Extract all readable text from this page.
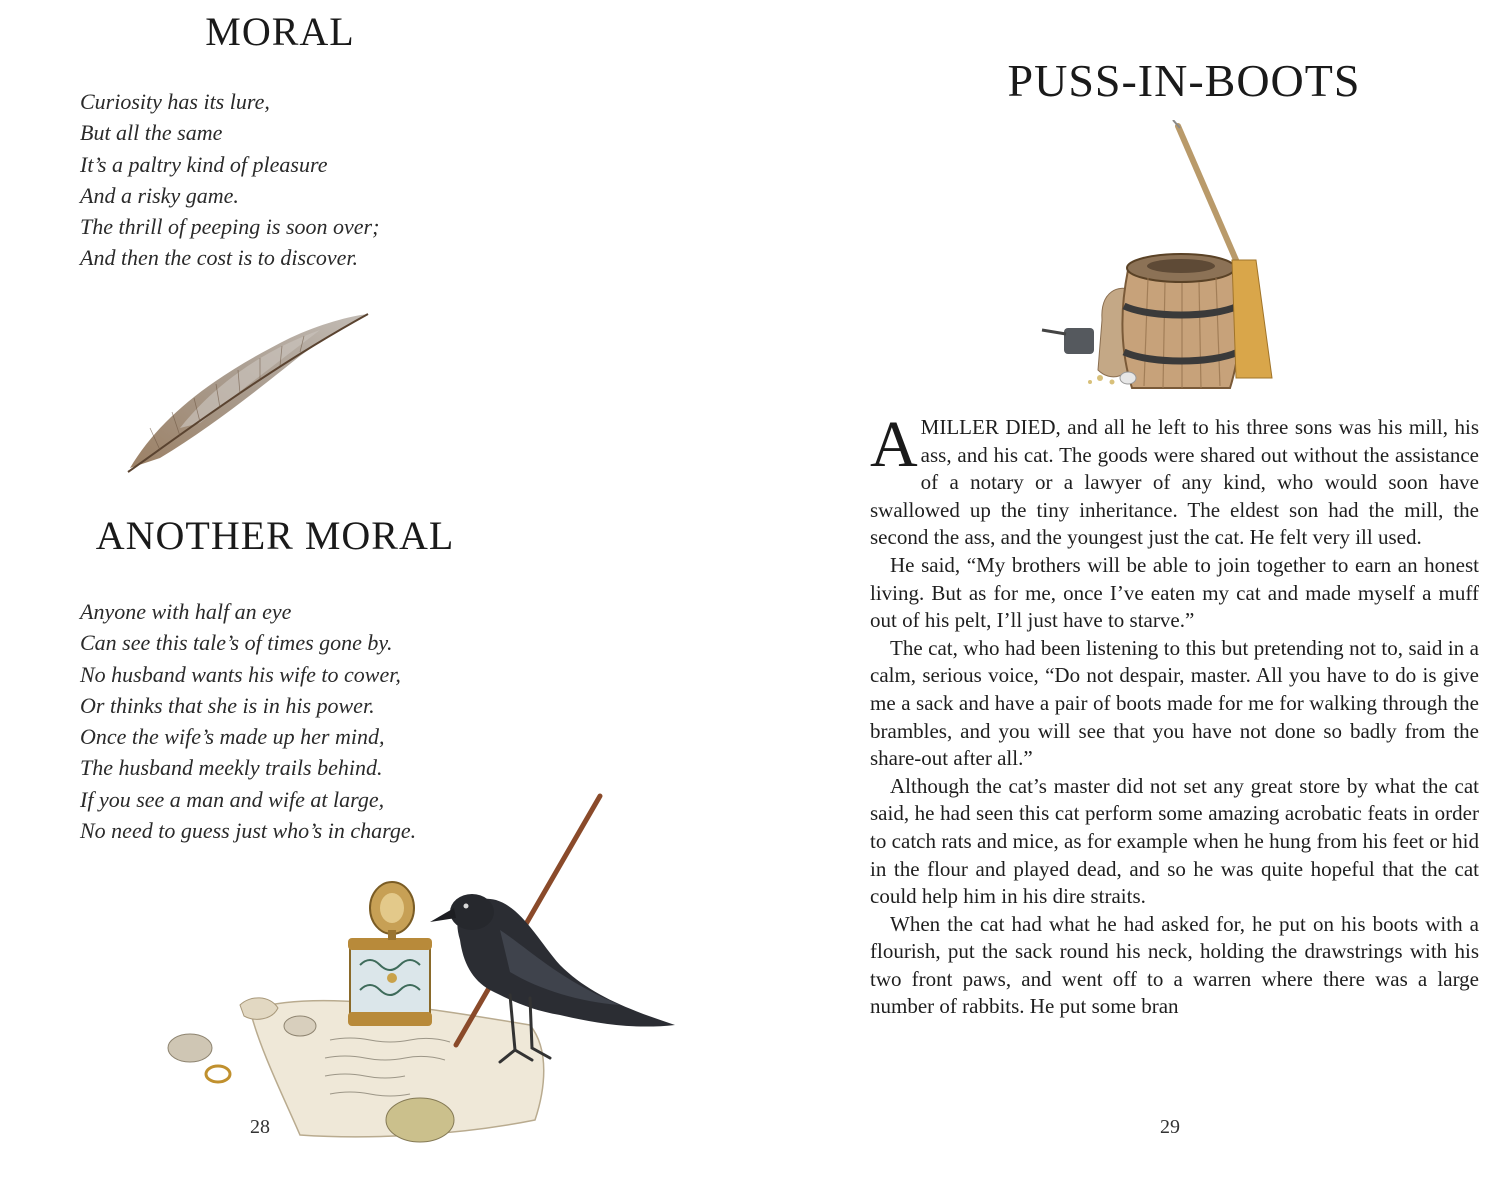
MORAL
Curiosity has its lure,
But all the same
It’s a paltry kind of pleasure
And a risky game.
The thrill of peeping is soon over;
And then the cost is to discover.
ANOTHER MORAL
Anyone with half an eye
Can see this tale’s of times gone by.
No husband wants his wife to cower,
Or thinks that she is in his power.
Once the wife’s made up her mind,
The husband meekly trails behind.
If you see a man and wife at large,
No need to guess just who’s in charge.
28
PUSS-IN-BOOTS

AMILLER DIED, and all he left to his three sons was his mill, his ass, and his cat. The goods were shared out without the assistance of a notary or a lawyer of any kind, who would soon have swallowed up the tiny inheritance. The eldest son had the mill, the second the ass, and the youngest just the cat. He felt very ill used.

He said, “My brothers will be able to join together to earn an honest living. But as for me, once I’ve eaten my cat and made myself a muff out of his pelt, I’ll just have to starve.”

The cat, who had been listening to this but pretending not to, said in a calm, serious voice, “Do not despair, master. All you have to do is give me a sack and have a pair of boots made for me for walking through the brambles, and you will see that you have not done so badly from the share-out after all.”

Although the cat’s master did not set any great store by what the cat said, he had seen this cat perform some amazing acrobatic feats in order to catch rats and mice, as for example when he hung from his feet or hid in the flour and played dead, and so he was quite hopeful that the cat could help him in his dire straits.

When the cat had what he had asked for, he put on his boots with a flourish, put the sack round his neck, holding the drawstrings with his two front paws, and went off to a warren where there was a large number of rabbits. He put some bran

29
